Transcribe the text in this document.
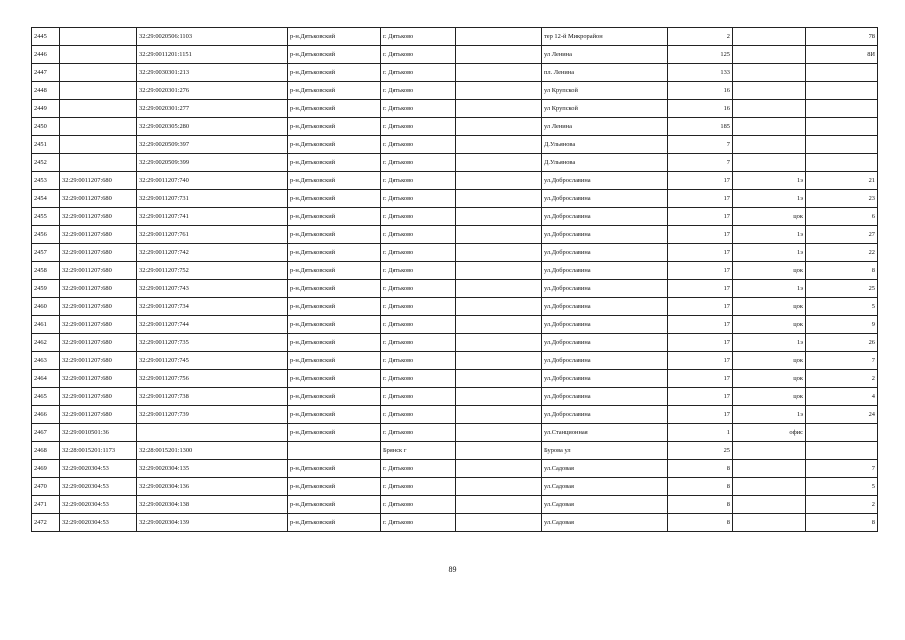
2445		32:29:0020506:1103	р-н.Дятьковский	г. Дятьково		тер 12-й Микрорайон	2		78
2446		32:29:0011201:1151	р-н.Дятьковский	г. Дятьково		ул Ленина	125		8И
2447		32:29:0030301:213	р-н.Дятьковский	г. Дятьково		пл. Ленина	133		
2448		32:29:0020301:276	р-н.Дятьковский	г. Дятьково		ул Крупской	16		
2449		32:29:0020301:277	р-н.Дятьковский	г. Дятьково		ул Крупской	16		
2450		32:29:0020305:280	р-н.Дятьковский	г. Дятьково		ул Ленина	185		
2451		32:29:0020509:397	р-н.Дятьковский	г. Дятьково		Д.Ульянова	7		
2452		32:29:0020509:399	р-н.Дятьковский	г. Дятьково		Д.Ульянова	7		
2453	32:29:0011207:680	32:29:0011207:740	р-н.Дятьковский	г. Дятьково		ул.Доброславина	17	1э	21
2454	32:29:0011207:680	32:29:0011207:731	р-н.Дятьковский	г. Дятьково		ул.Доброславина	17	1э	23
2455	32:29:0011207:680	32:29:0011207:741	р-н.Дятьковский	г. Дятьково		ул.Доброславина	17	цок	6
2456	32:29:0011207:680	32:29:0011207:761	р-н.Дятьковский	г. Дятьково		ул.Доброславина	17	1э	27
2457	32:29:0011207:680	32:29:0011207:742	р-н.Дятьковский	г. Дятьково		ул.Доброславина	17	1э	22
2458	32:29:0011207:680	32:29:0011207:752	р-н.Дятьковский	г. Дятьково		ул.Доброславина	17	цок	8
2459	32:29:0011207:680	32:29:0011207:743	р-н.Дятьковский	г. Дятьково		ул.Доброславина	17	1э	25
2460	32:29:0011207:680	32:29:0011207:734	р-н.Дятьковский	г. Дятьково		ул.Доброславина	17	цок	5
2461	32:29:0011207:680	32:29:0011207:744	р-н.Дятьковский	г. Дятьково		ул.Доброславина	17	цок	9
2462	32:29:0011207:680	32:29:0011207:735	р-н.Дятьковский	г. Дятьково		ул.Доброславина	17	1э	26
2463	32:29:0011207:680	32:29:0011207:745	р-н.Дятьковский	г. Дятьково		ул.Доброславина	17	цок	7
2464	32:29:0011207:680	32:29:0011207:756	р-н.Дятьковский	г. Дятьково		ул.Доброславина	17	цок	2
2465	32:29:0011207:680	32:29:0011207:738	р-н.Дятьковский	г. Дятьково		ул.Доброславина	17	цок	4
2466	32:29:0011207:680	32:29:0011207:739	р-н.Дятьковский	г. Дятьково		ул.Доброславина	17	1э	24
2467	32:29:0010501:36		р-н.Дятьковский	г. Дятьково		ул.Станционная	1	офис	
2468	32:28:0015201:1173	32:28:0015201:1300		Брянск г		Бурова ул	25		
2469	32:29:0020304:53	32:29:0020304:135	р-н.Дятьковский	г. Дятьково		ул.Садовая	8		7
2470	32:29:0020304:53	32:29:0020304:136	р-н.Дятьковский	г. Дятьково		ул.Садовая	8		5
2471	32:29:0020304:53	32:29:0020304:138	р-н.Дятьковский	г. Дятьково		ул.Садовая	8		2
2472	32:29:0020304:53	32:29:0020304:139	р-н.Дятьковский	г. Дятьково		ул.Садовая	8		8
89
